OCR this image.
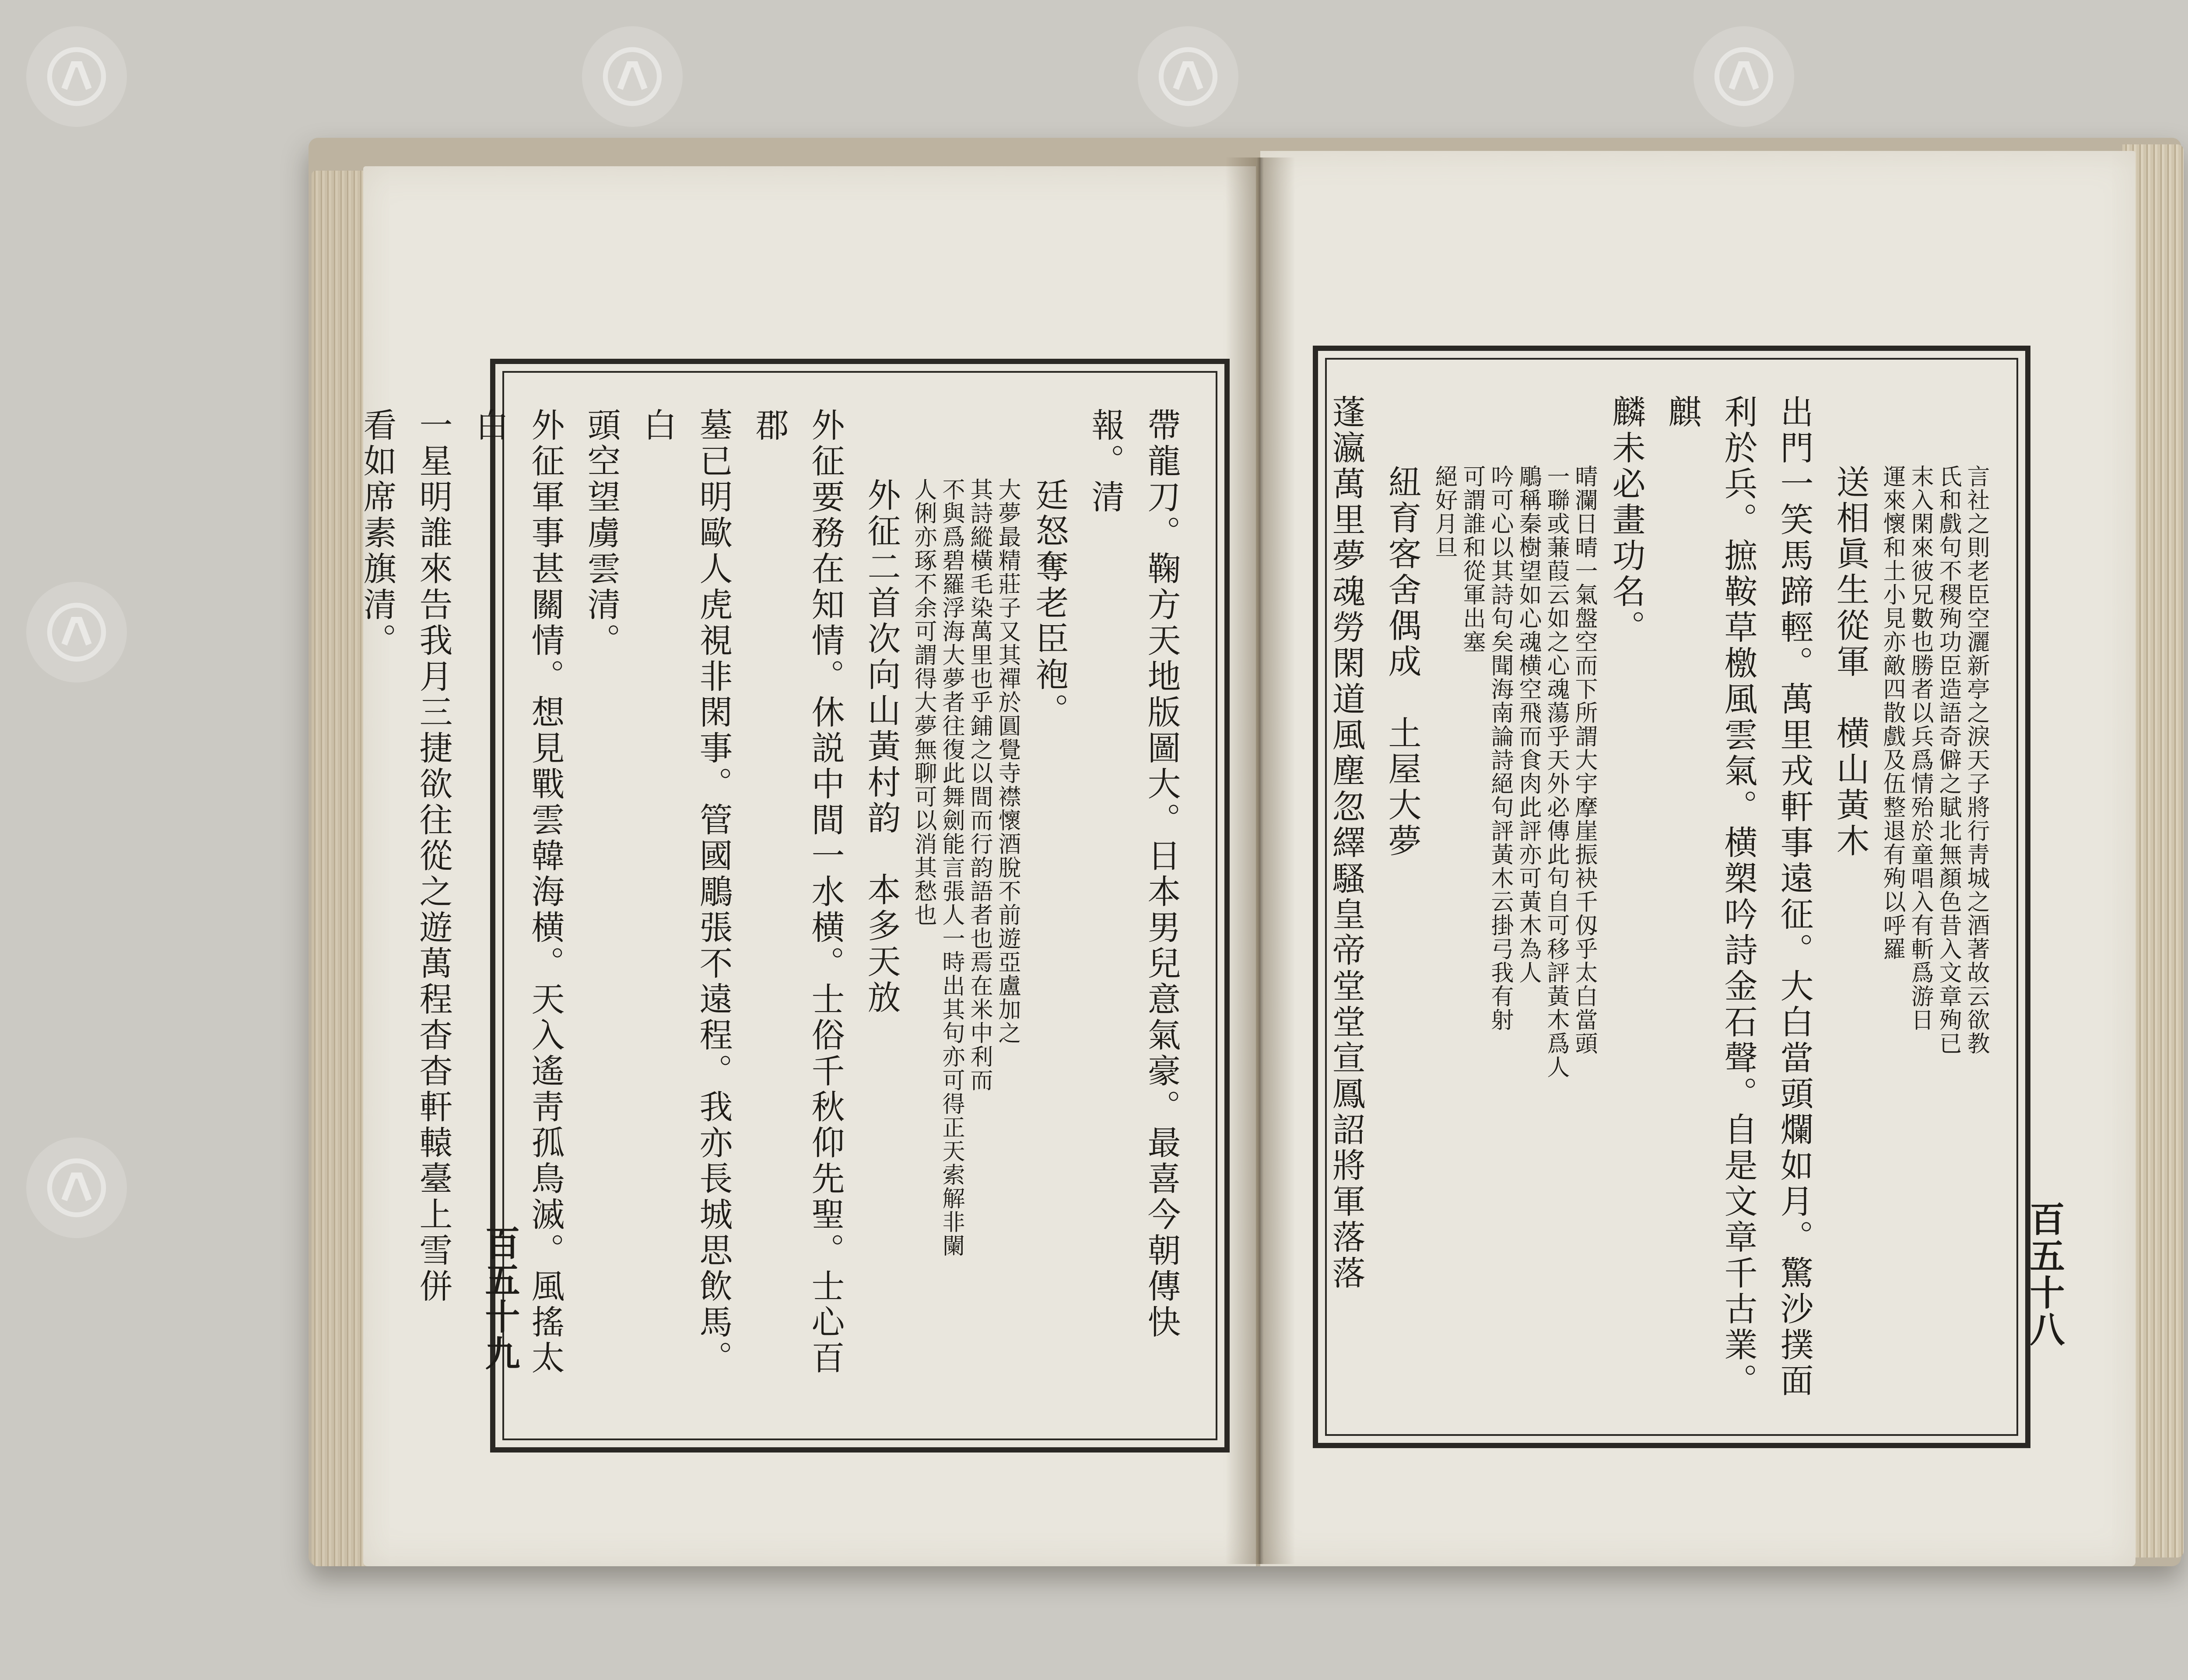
帶龍刀。鞠方天地版圖大。日本男兒意氣豪。最喜今朝傳快報。清

廷怒奪老臣袍。

大夢最精莊子又其禪於圓覺寺襟懷酒脫不前遊亞盧加之

其詩縱橫毛染萬里也乎鋪之以間而行韵語者也焉在米中利而

不與爲碧羅浮海大夢者往復此舞劍能言張人一時出其句亦可得正天索解非闌

人俐亦琢不余可謂得大夢無聊可以消其愁也

外征二首次向山黃村韵　本多天放

外征要務在知情。休説中間一水横。士俗千秋仰先聖。士心百郡

墓已明歐人虎視非閑事。管國鵰張不遠程。我亦長城思飲馬。白

頭空望虜雲清。

外征軍事甚關情。想見戰雲韓海横。天入遙靑孤鳥滅。風搖太白

一星明誰來告我月三捷欲往從之遊萬程杳杳軒轅臺上雪併

看如席素旗清。

百五十九

言社之則老臣空灑新亭之淚天子將行靑城之酒著故云欲教

氏和戲句不稷殉功臣造語奇僻之賦北無顏色昔入文章殉已

末入閑來彼兄數也勝者以兵爲情殆於童唱入有斬爲游日

運來懷和土小見亦敵四散戲及伍整退有殉以呼羅

送相眞生從軍　横山黃木

出門一笑馬蹄輕。萬里戎軒事遠征。大白當頭爛如月。驚沙撲面

利於兵。摭鞍草檄風雲氣。横槊吟詩金石聲。自是文章千古業。麒

麟未必畫功名。

晴瀾日晴一氣盤空而下所謂大宇摩崖振袂千仭乎太白當頭

一聯或蒹葭云如之心魂蕩乎天外必傳此句自可移評黃木爲人

鵰稱秦樹望如心魂横空飛而食肉此評亦可黃木為人

吟可心以其詩句矣聞海南論詩絕句評黃木云掛弓我有射

可謂誰和從軍出塞

絕好月旦

紐育客舍偶成　土屋大夢

蓬瀛萬里夢魂勞閑道風塵忽繹騷皇帝堂堂宣鳳詔將軍落落	百五十八
